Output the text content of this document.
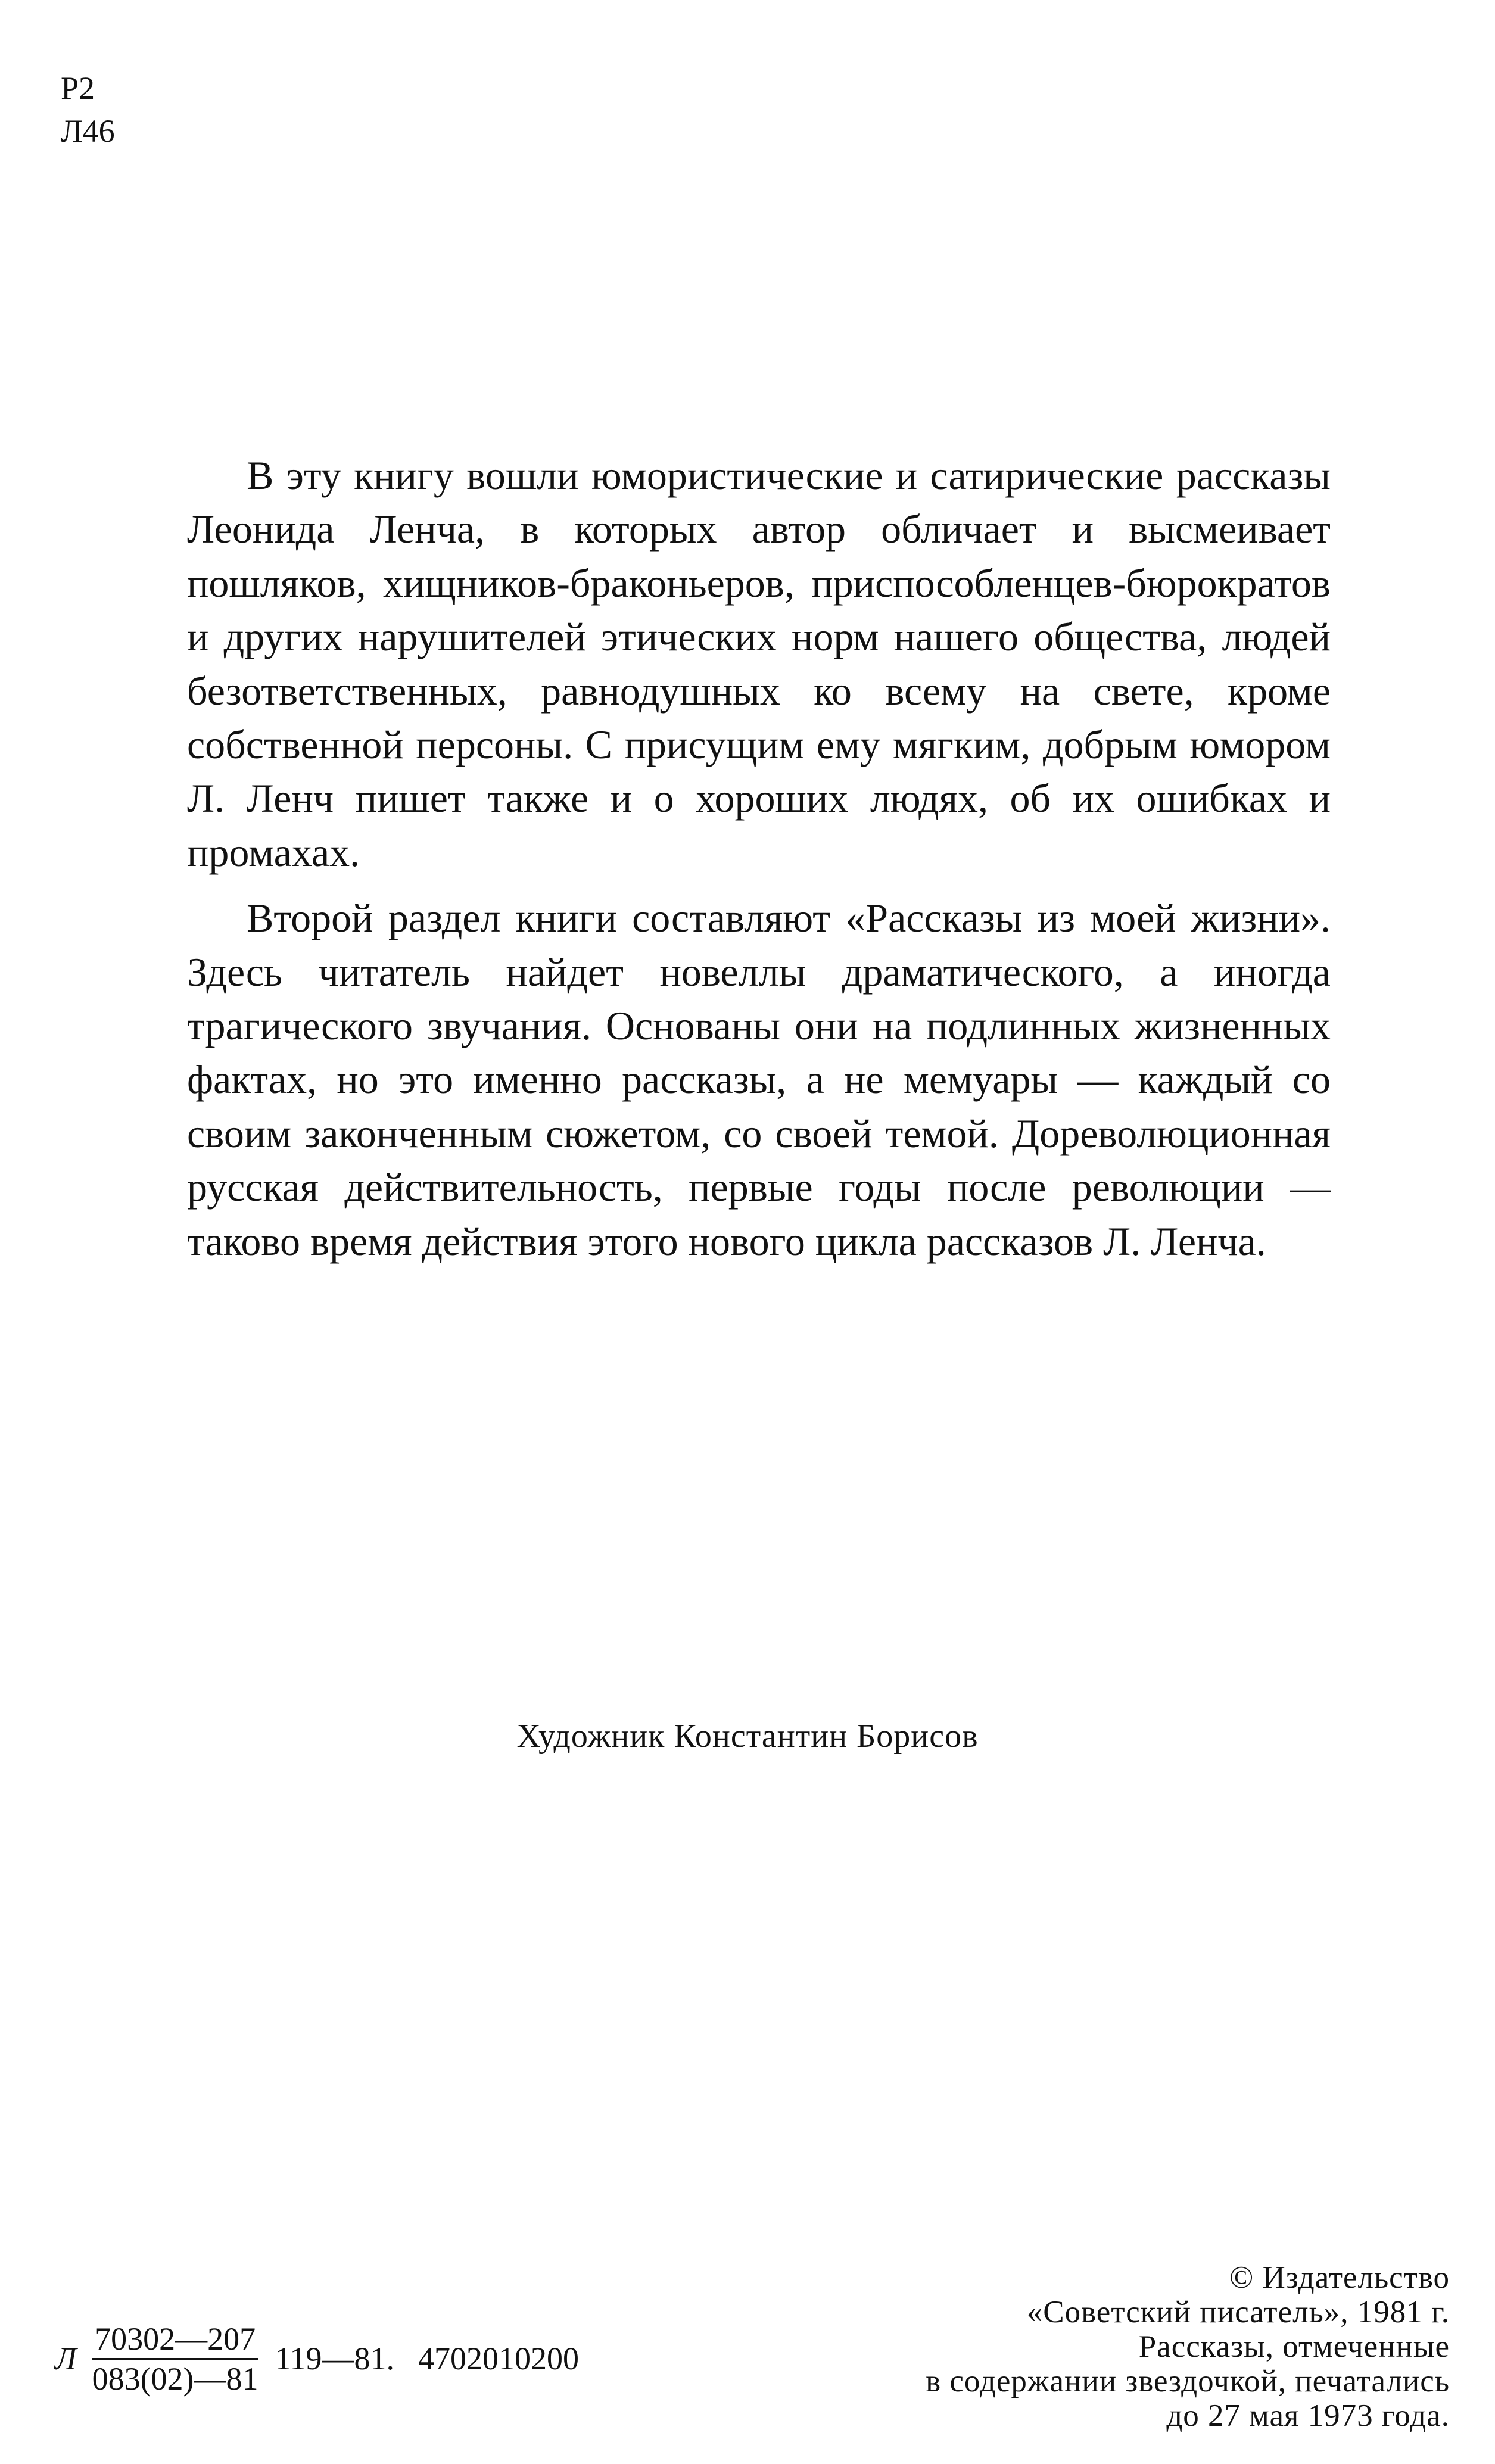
Р2
Л46

В эту книгу вошли юмористические и сатирические рассказы Леонида Ленча, в которых автор обличает и высмеивает пошляков, хищников-браконьеров, приспособленцев-бюрократов и других нарушителей этических норм нашего общества, людей безответственных, равнодушных ко всему на свете, кроме собственной персоны. С присущим ему мягким, добрым юмором Л. Ленч пишет также и о хороших людях, об их ошибках и промахах.

Второй раздел книги составляют «Рассказы из моей жизни». Здесь читатель найдет новеллы драматического, а иногда трагического звучания. Основаны они на подлинных жизненных фактах, но это именно рассказы, а не мемуары — каждый со своим законченным сюжетом, со своей темой. Дореволюционная русская действительность, первые годы после революции — таково время действия этого нового цикла рассказов Л. Ленча.

Художник Константин Борисов
Л $\frac{70302—207}{083(02)—81}$ 119—81. 4702010200
© Издательство
«Советский писатель», 1981 г.
Рассказы, отмеченные
в содержании звездочкой, печатались
до 27 мая 1973 года.
